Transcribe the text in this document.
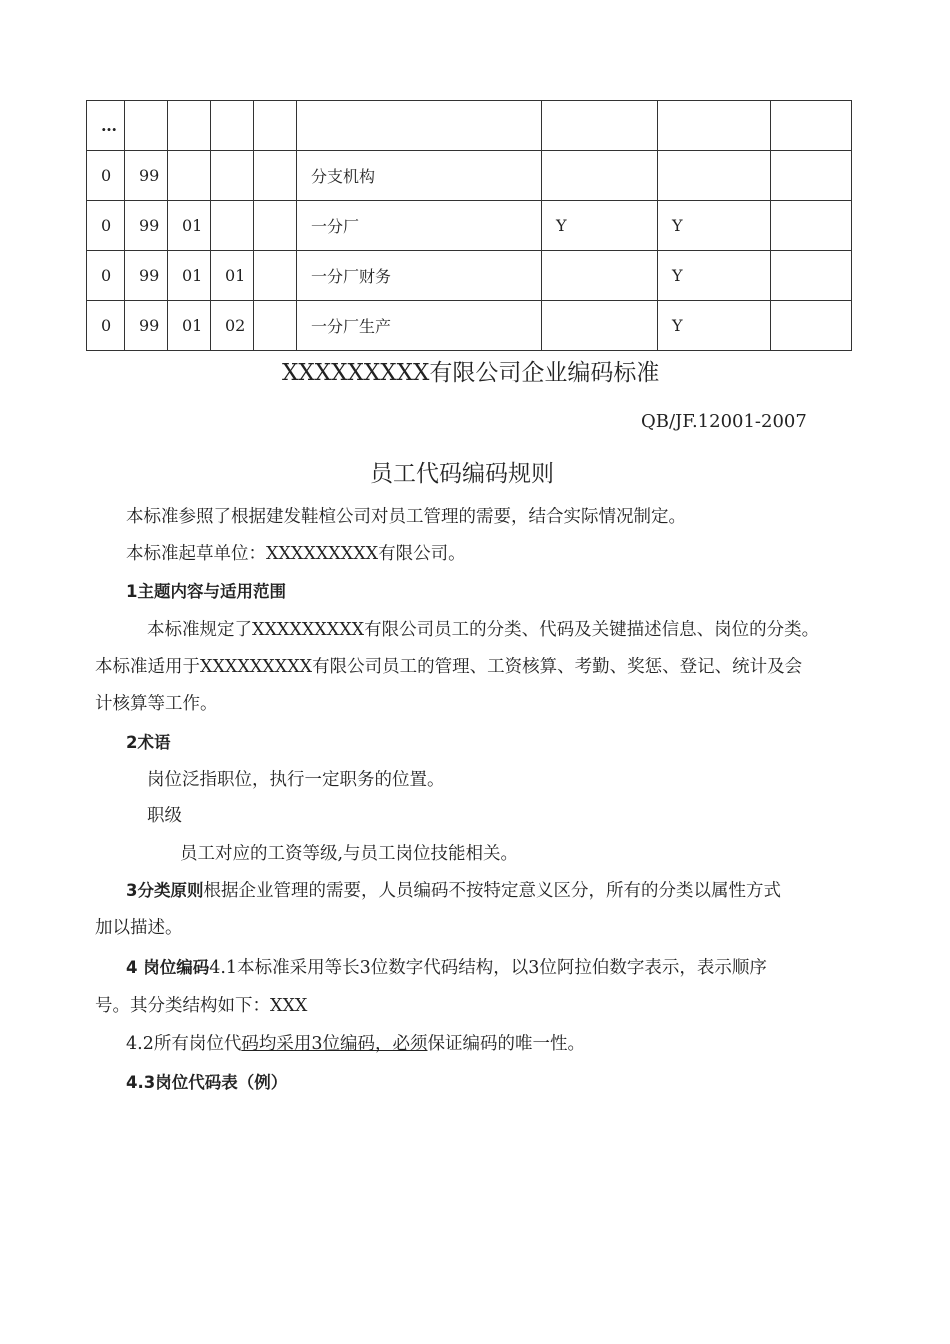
…								
0	99				分支机构			
0	99	01			一分厂	Y	Y	
0	99	01	01		一分厂财务		Y	
0	99	01	02		一分厂生产		Y	
XXXXXXXXX有限公司企业编码标准
QB/JF.12001-2007
员工代码编码规则
本标准参照了根据建发鞋楦公司对员工管理的需要，结合实际情况制定。
本标准起草单位：XXXXXXXXX有限公司。
1主题内容与适用范围
本标准规定了XXXXXXXXX有限公司员工的分类、代码及关键描述信息、岗位的分类。
本标准适用于XXXXXXXXX有限公司员工的管理、工资核算、考勤、奖惩、登记、统计及会
计核算等工作。
2术语
岗位泛指职位，执行一定职务的位置。
职级
员工对应的工资等级,与员工岗位技能相关。
3分类原则根据企业管理的需要，人员编码不按特定意义区分，所有的分类以属性方式
加以描述。
4 岗位编码4.1本标准采用等长3位数字代码结构，以3位阿拉伯数字表示，表示顺序
号。其分类结构如下：XXX
4.2所有岗位代码均采用3位编码，必须保证编码的唯一性。
4.3岗位代码表（例）
